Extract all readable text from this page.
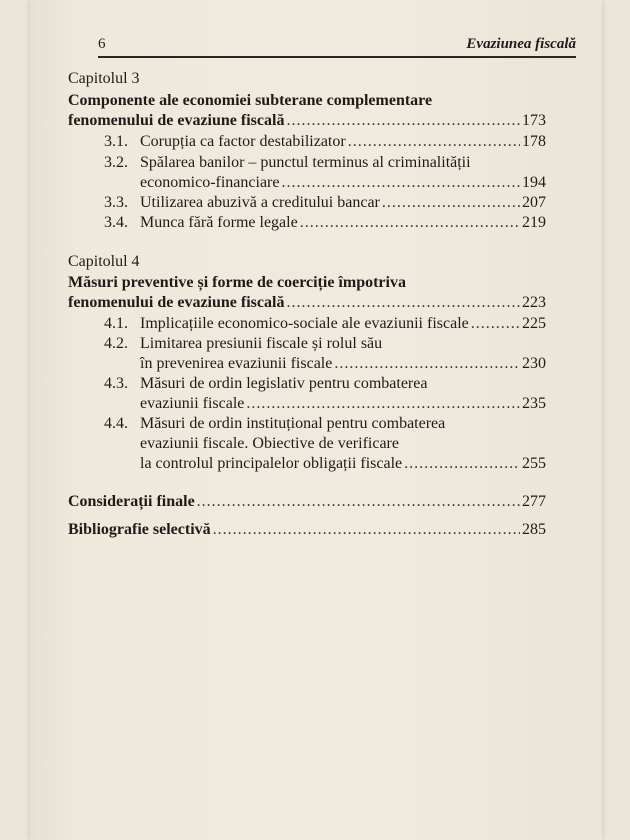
6	Evaziunea fiscală
Capitolul 3
Componente ale economiei subterane complementare
fenomenului de evaziune fiscală .....	173
3.1. Corupția ca factor destabilizator .....	178
3.2. Spălarea banilor – punctul terminus al criminalității
economico-financiare .....	194
3.3. Utilizarea abuzivă a creditului bancar .....	207
3.4. Munca fără forme legale .....	219
Capitolul 4
Măsuri preventive și forme de coerciție împotriva
fenomenului de evaziune fiscală .....	223
4.1. Implicațiile economico-sociale ale evaziunii fiscale .....	225
4.2. Limitarea presiunii fiscale și rolul său
în prevenirea evaziunii fiscale .....	230
4.3. Măsuri de ordin legislativ pentru combaterea
evaziunii fiscale .....	235
4.4. Măsuri de ordin instituțional pentru combaterea
evaziunii fiscale. Obiective de verificare
la controlul principalelor obligații fiscale .....	255
Considerații finale .....	277
Bibliografie selectivă .....	285
